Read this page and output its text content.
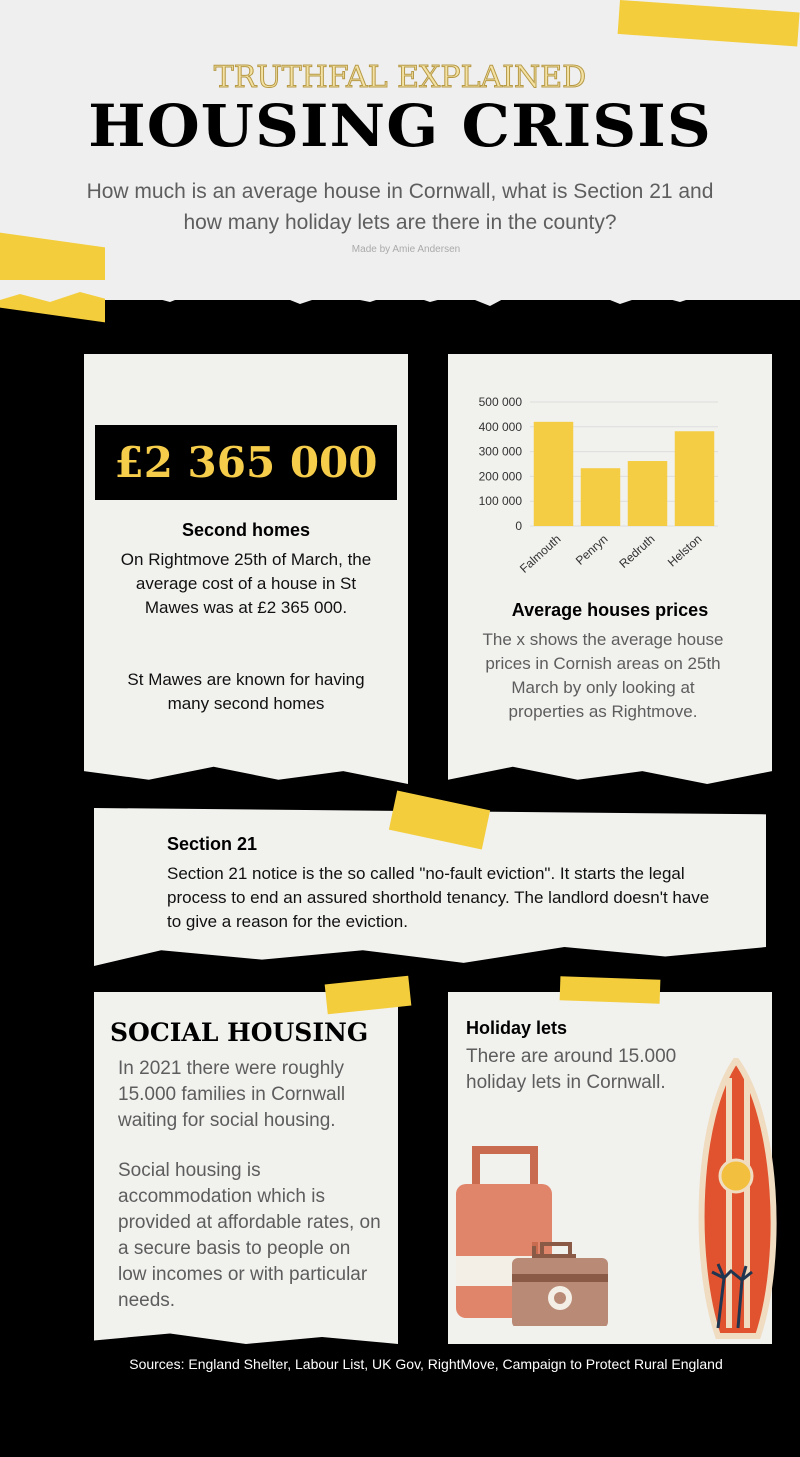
TRUTHFAL EXPLAINED
HOUSING CRISIS
How much is an average house in Cornwall, what is Section 21 and how many holiday lets are there in the county?
Made by Amie Andersen
£2 365 000
Second homes
On Rightmove 25th of March, the average cost of a house in St Mawes was at £2 365 000.
St Mawes are known for having many second homes
0
100 000
200 000
300 000
400 000
500 000
Falmouth Penryn Redruth Helston
Average houses prices
The x shows the average house prices in Cornish areas on 25th March by only looking at properties as Rightmove.
Section 21
Section 21 notice is the so called "no-fault eviction". It starts the legal process to end an assured shorthold tenancy. The landlord doesn't have to give a reason for the eviction.
SOCIAL HOUSING
In 2021 there were roughly 15.000 families in Cornwall waiting for social housing.
Social housing is accommodation which is provided at affordable rates, on a secure basis to people on low incomes or with particular needs.
Holiday lets
There are around 15.000 holiday lets in Cornwall.
Sources: England Shelter, Labour List, UK Gov, RightMove, Campaign to Protect Rural England
